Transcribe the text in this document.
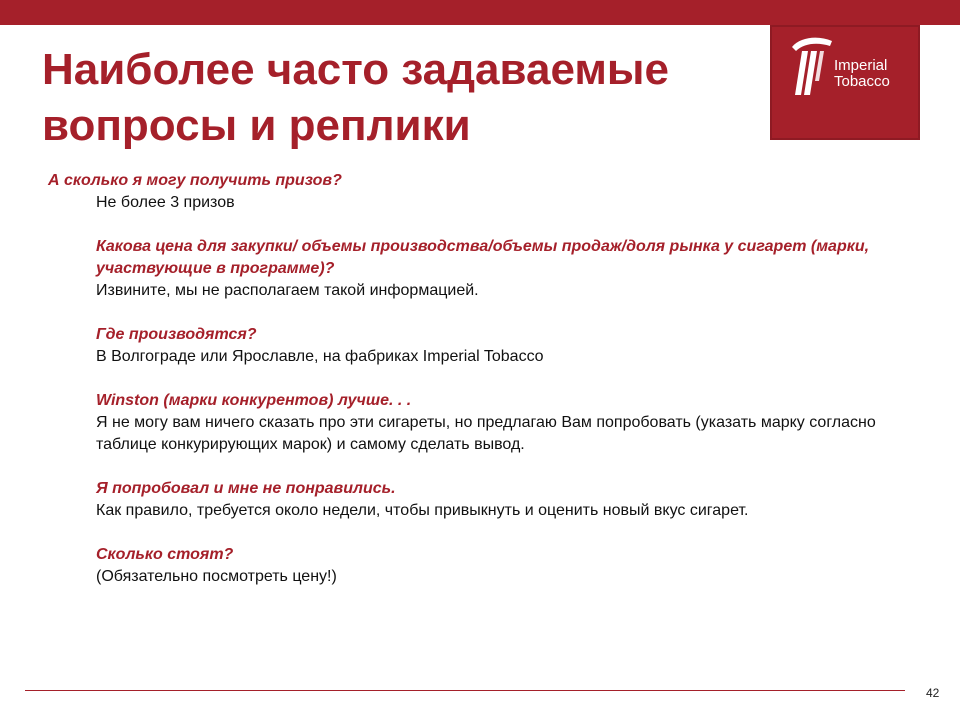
Imperial
Tobacco
Наиболее часто задаваемые
вопросы и реплики

А сколько я могу получить призов?

Не более 3 призов

Какова цена для закупки/ объемы производства/объемы продаж/доля рынка у сигарет (марки, участвующие в программе)?

Извините, мы не располагаем такой информацией.

Где производятся?

В Волгограде или Ярославле, на фабриках Imperial Tobacco

Winston (марки конкурентов) лучше. . .

Я не могу вам ничего сказать про эти сигареты, но предлагаю Вам попробовать (указать марку согласно таблице конкурирующих марок) и самому сделать вывод.

Я попробовал и мне не понравились.

Как правило, требуется около недели, чтобы привыкнуть и оценить новый вкус сигарет.

Сколько стоят?

(Обязательно посмотреть цену!)

42
